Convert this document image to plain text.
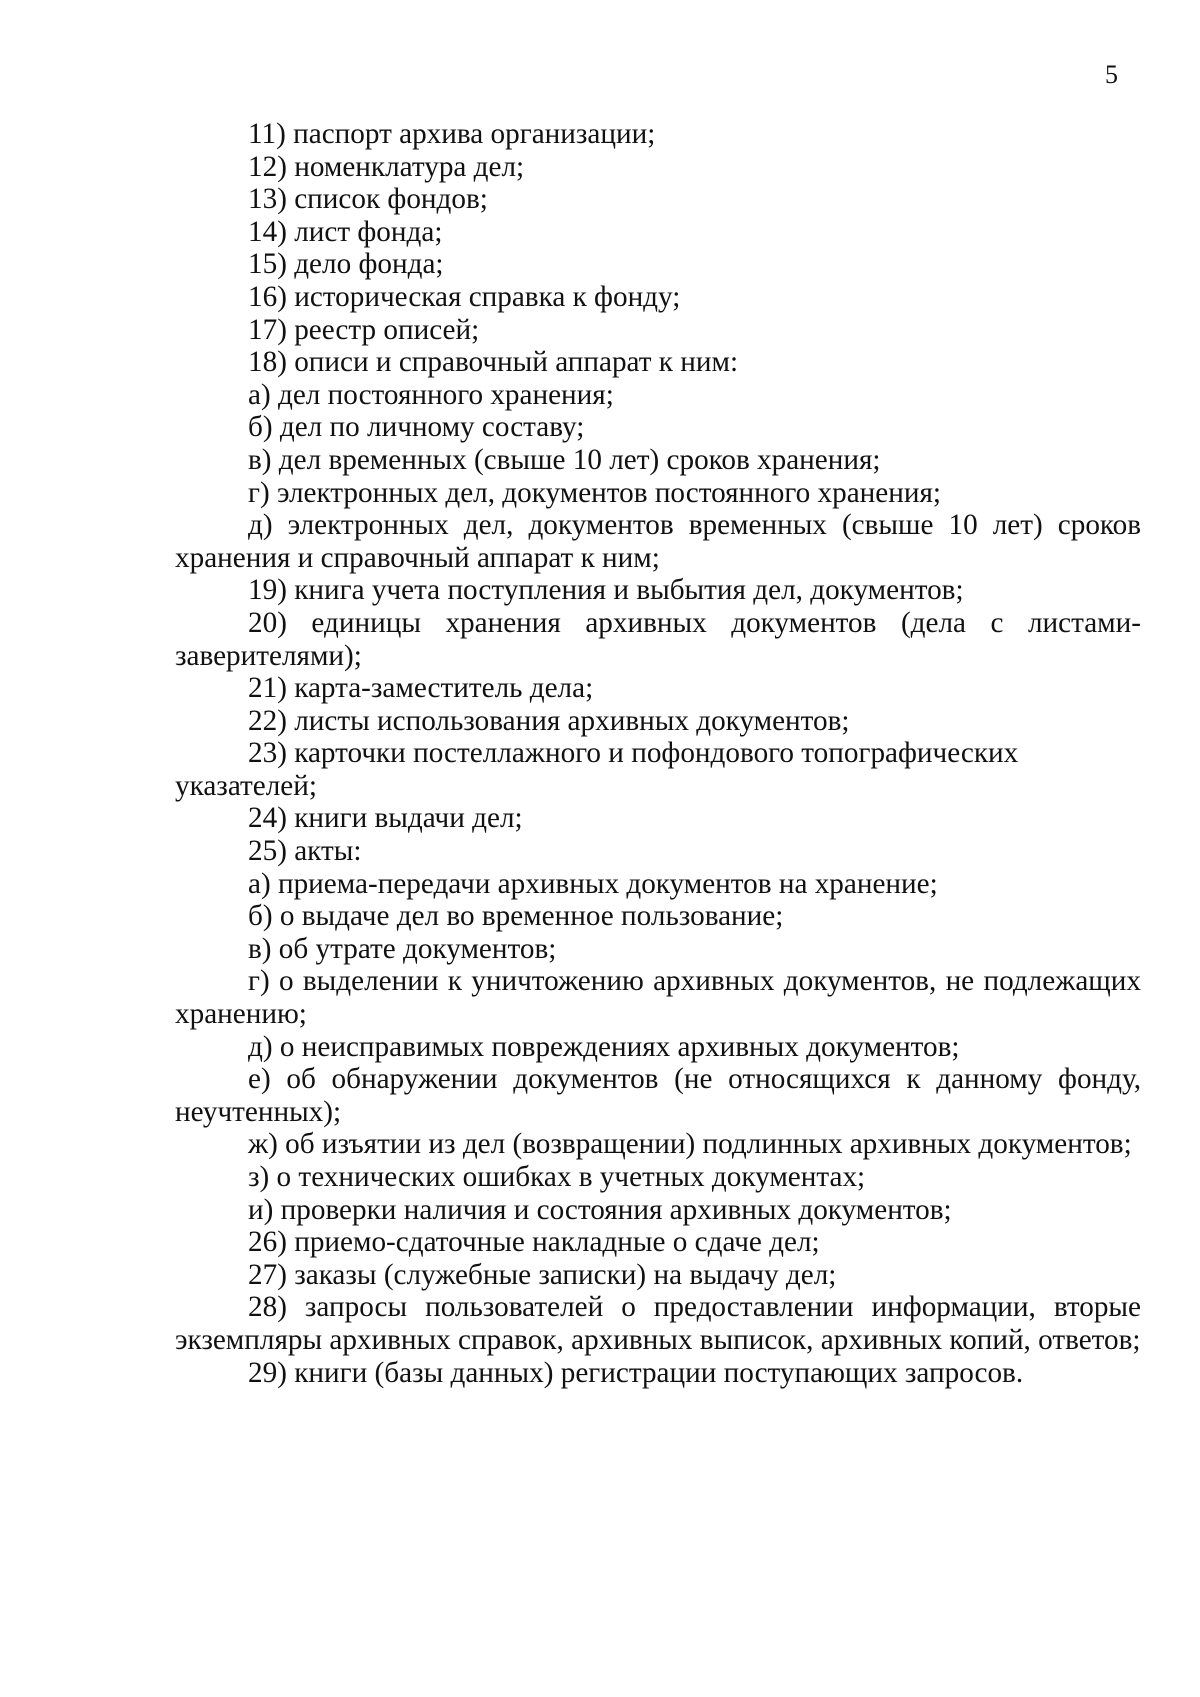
5

11) паспорт архива организации;

12) номенклатура дел;

13) список фондов;

14) лист фонда;

15) дело фонда;

16) историческая справка к фонду;

17) реестр описей;

18) описи и справочный аппарат к ним:

а) дел постоянного хранения;

б) дел по личному составу;

в) дел временных (свыше 10 лет) сроков хранения;

г) электронных дел, документов постоянного хранения;

д) электронных дел, документов временных (свыше 10 лет) сроков хранения и справочный аппарат к ним;

19) книга учета поступления и выбытия дел, документов;

20) единицы хранения архивных документов (дела с листами-заверителями);

21) карта-заместитель дела;

22) листы использования архивных документов;

23) карточки постеллажного и пофондового топографических указателей;

24) книги выдачи дел;

25) акты:

а) приема-передачи архивных документов на хранение;

б) о выдаче дел во временное пользование;

в) об утрате документов;

г) о выделении к уничтожению архивных документов, не подлежащих хранению;

д) о неисправимых повреждениях архивных документов;

е) об обнаружении документов (не относящихся к данному фонду, неучтенных);

ж) об изъятии из дел (возвращении) подлинных архивных документов;

з) о технических ошибках в учетных документах;

и) проверки наличия и состояния архивных документов;

26) приемо-сдаточные накладные о сдаче дел;

27) заказы (служебные записки) на выдачу дел;

28) запросы пользователей о предоставлении информации, вторые экземпляры архивных справок, архивных выписок, архивных копий, ответов;

29) книги (базы данных) регистрации поступающих запросов.
